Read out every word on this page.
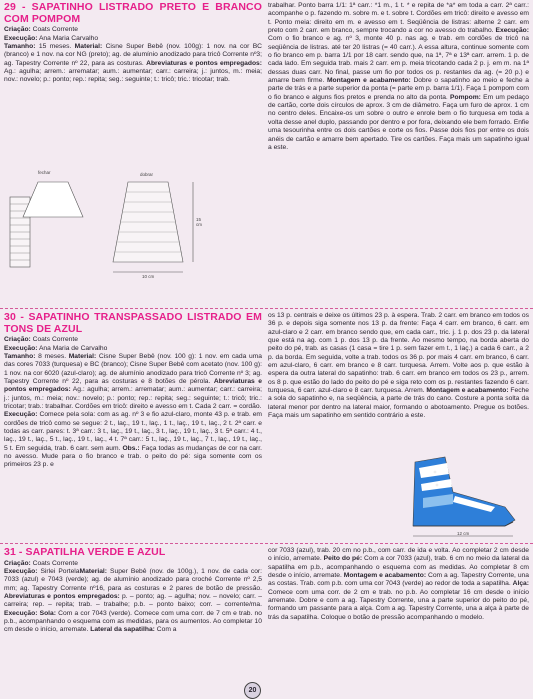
29 - SAPATINHO LISTRADO PRETO E BRANCO COM POMPOM

Criação: Coats Corrente
Execução: Ana Maria Carvalho
Tamanho: 15 meses. Material: Cisne Super Bebê (nov. 100g): 1 nov. na cor BC (branco) e 1 nov. na cor NG (preto); ag. de alumínio anodizado para tricô Corrente nº3; ag. Tapestry Corrente nº 22, para as costuras. Abreviaturas e pontos empregados: Ag.: agulha; arrem.: arrematar; aum.: aumentar; carr.: carreira; j.: juntos, m.: meia; nov.: novelo; p.: ponto; rep.: repita; seg.: seguinte; t.: tricô; tric.: tricotar; trab.

fechar	dobrar
15 cm
10 cm

trabalhar. Ponto barra 1/1: 1ª carr.: *1 m., 1 t. * e repita de *a* em toda a carr. 2ª carr.: acompanhe o p. fazendo m. sobre m. e t. sobre t. Cordões em tricô: direito e avesso em t. Ponto meia: direito em m. e avesso em t. Seqüência de listras: alterne 2 carr. em preto com 2 carr. em branco, sempre trocando a cor no avesso do trabalho. Execução: Com o fio branco e ag. nº 3, monte 40 p. nas ag. e trab. em cordões de tricô na seqüência de listras. até ter 20 listras (= 40 carr.). A essa altura, continue somente com o fio branco em p. barra 1/1 por 18 carr. sendo que, na 1ª, 7ª e 13ª carr. arrem. 1 p. de cada lado. Em seguida trab. mais 2 carr. em p. meia tricotando cada 2 p. j. em m. na 1ª dessas duas carr. No final, passe um fio por todos os p. restantes da ag. (= 20 p.) e amarre bem firme. Montagem e acabamento: Dobre o sapatinho ao meio e feche a parte de trás e a parte superior da ponta (= parte em p. barra 1/1). Faça 1 pompom com o fio branco e alguns fios pretos e prenda no alto da ponta. Pompom: Em um pedaço de cartão, corte dois círculos de aprox. 3 cm de diâmetro. Faça um furo de aprox. 1 cm no centro deles. Encaixe-os um sobre o outro e enrole bem o fio turquesa em toda a volta desse anel duplo, passando por dentro e por fora, deixando ele bem forrado. Enfie uma tesourinha entre os dois cartões e corte os fios. Passe dois fios por entre os dois anéis de cartão e amarre bem apertado. Tire os cartões. Faça mais um sapatinho igual a este.

30 - SAPATINHO TRANSPASSADO LISTRADO EM TONS DE AZUL

Criação: Coats Corrente
Execução: Ana Maria de Carvalho
Tamanho: 8 meses. Material: Cisne Super Bebê (nov. 100 g): 1 nov. em cada uma das cores 7033 (turquesa) e BC (branco); Cisne Super Bebê com acetato (nov. 100 g): 1 nov. na cor 6020 (azul-claro); ag. de alumínio anodizado para tricô Corrente nº 3; ag. Tapestry Corrente nº 22, para as costuras e 8 botões de pérola. Abreviaturas e pontos empregados: Ag.: agulha; arrem.: arrematar; aum.: aumentar; carr.: carreira; j.: juntos, m.: meia; nov.: novelo; p.: ponto; rep.: repita; seg.: seguinte; t.: tricô; tric.: tricotar; trab.: trabalhar. Cordões em tricô: direito e avesso em t. Cada 2 carr. = cordão.
Execução: Comece pela sola: com as ag. nº 3 e fio azul-claro, monte 43 p. e trab. em cordões de tricô como se segue: 2 t., laç., 19 t., laç., 1 t., laç., 19 t., laç., 2 t. 2ª carr. e todas as carr. pares: t. 3ª carr.: 3 t., laç., 19 t., laç., 3 t., laç., 19 t., laç., 3 t. 5ª carr.: 4 t., laç., 19 t., laç., 5 t., laç., 19 t., laç., 4 t. 7ª carr.: 5 t., laç., 19 t., laç., 7 t., laç., 19 t., laç., 5 t. Em seguida, trab. 6 carr. sem aum. Obs.: Faça todas as mudanças de cor na carr. no avesso. Mude para o fio branco e trab. o peito do pé: siga somente com os primeiros 23 p. e

os 13 p. centrais e deixe os últimos 23 p. à espera. Trab. 2 carr. em branco em todos os 36 p. e depois siga somente nos 13 p. da frente: Faça 4 carr. em branco, 6 carr. em azul-claro e 2 carr. em branco sendo que, em cada carr., tric. j. 1 p. dos 23 p. da lateral que está na ag. com 1 p. dos 13 p. da frente. Ao mesmo tempo, na borda aberta do peito do pé, trab. as casas (1 casa = tire 1 p. sem fazer em t., 1 laç.) a cada 6 carr., a 2 p. da borda. Em seguida, volte a trab. todos os 36 p. por mais 4 carr. em branco, 6 carr. em azul-claro, 6 carr. em branco e 8 carr. turquesa. Arrem. Volte aos p. que estão à espera da outra lateral do sapatinho: trab. 6 carr. em branco em todos os 23 p., arrem. os 8 p. que estão do lado do peito do pé e siga reto com os p. restantes fazendo 6 carr. turquesa, 6 carr. azul-claro e 8 carr. turquesa. Arrem. Montagem e acabamento: Feche a sola do sapatinho e, na seqüência, a parte de trás do cano. Costure a ponta solta da lateral menor por dentro na lateral maior, formando o abotoamento. Pregue os botões. Faça mais um sapatinho em sentido contrário a este.

12 cm
31 - SAPATILHA VERDE E AZUL

Criação: Coats Corrente
Execução: Sirlei PortelaMaterial: Super Bebê (nov. de 100g.), 1 nov. de cada cor: 7033 (azul) e 7043 (verde); ag. de alumínio anodizado para croché Corrente nº 2,5 mm; ag. Tapestry Corrente nº16, para as costuras e 2 pares de botão de pressão. Abreviaturas e pontos empregados: p. – ponto; ag. – agulha; nov. – novelo; carr. – carreira; rep. – repita; trab. – trabalhe; p.b. – ponto baixo; corr. – corrente/ma. Execução: Sola: Com a cor 7043 (verde). Comece com uma corr. de 7 cm e trab. no p.b., acompanhando o esquema com as medidas, para os aumentos. Ao completar 10 cm desde o início, arremate. Lateral da sapatilha: Com a

cor 7033 (azul), trab. 20 cm no p.b., com carr. de ida e volta. Ao completar 2 cm desde o início, arremate. Peito do pé: Com a cor 7033 (azul), trab. 6 cm no meio da lateral da sapatilha em p.b., acompanhando o esquema com as medidas. Ao completar 8 cm desde o início, arremate. Montagem e acabamento: Com a ag. Tapestry Corrente, una as costas. Trab. com p.b. com uma cor 7043 (verde) ao redor de toda a sapatilha. Alça: Comece com uma corr. de 2 cm e trab. no p.b. Ao completar 16 cm desde o início arremate. Dobre e com a ag. Tapestry Corrente, una a parte superior do peito do pé, formando um passante para a alça. Com a ag. Tapestry Corrente, una a alça à parte de trás da sapatilha. Coloque o botão de pressão acompanhando o modelo.

20
